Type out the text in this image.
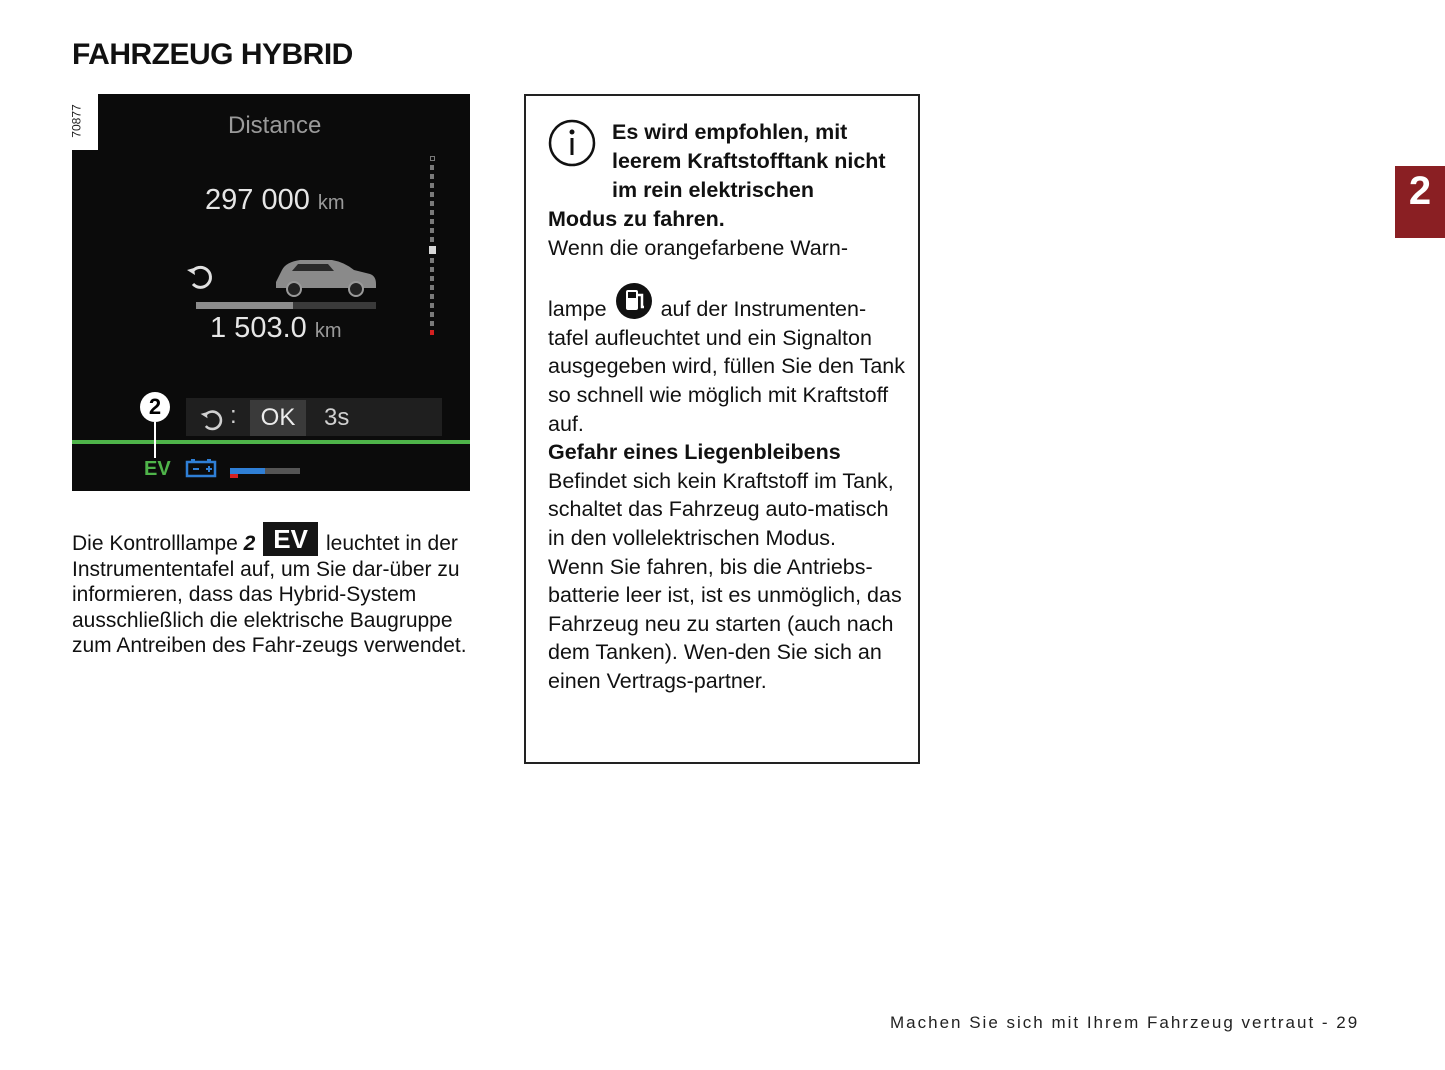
FAHRZEUG HYBRID
70877	Distance
297 000 km
1 503.0 km
: OK	3s
2
EV
Die Kontrolllampe 2 EV leuchtet in der Instrumententafel auf, um Sie dar-über zu informieren, dass das Hybrid-System ausschließlich die elektrische Baugruppe zum Antreiben des Fahr-zeugs verwendet.
Es wird empfohlen, mit leerem Kraftstofftank nicht im rein elektrischen
Modus zu fahren.
Wenn die orangefarbene Warn-
lampe	auf der Instrumenten-
tafel aufleuchtet und ein Signalton ausgegeben wird, füllen Sie den Tank so schnell wie möglich mit Kraftstoff auf.
Gefahr eines Liegenbleibens
Befindet sich kein Kraftstoff im Tank, schaltet das Fahrzeug auto-matisch in den vollelektrischen Modus.
Wenn Sie fahren, bis die Antriebs-batterie leer ist, ist es unmöglich, das Fahrzeug neu zu starten (auch nach dem Tanken). Wen-den Sie sich an einen Vertrags-partner.
2
Machen Sie sich mit Ihrem Fahrzeug vertraut - 29
